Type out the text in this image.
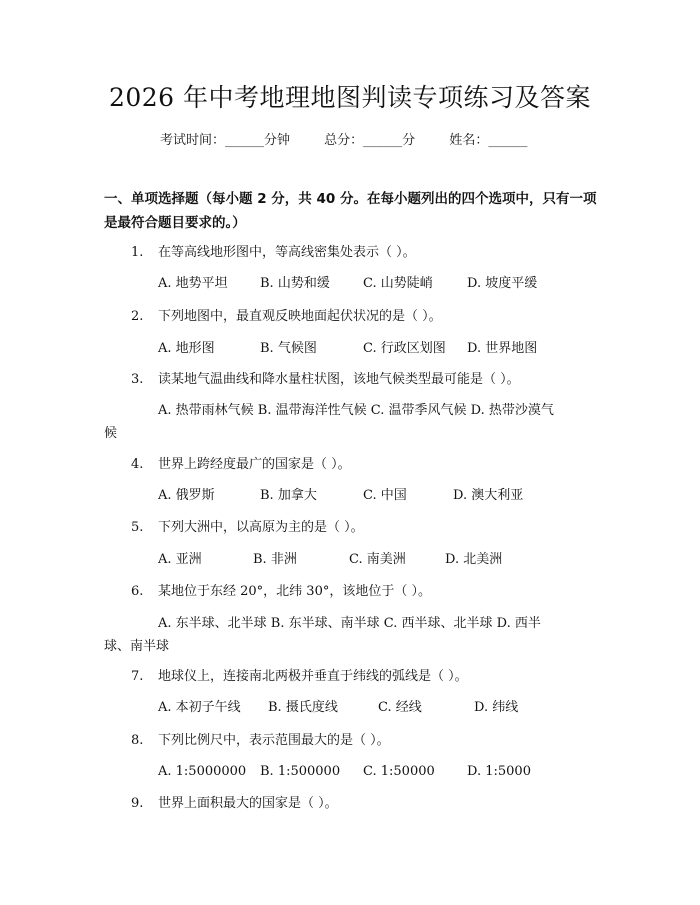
2026 年中考地理地图判读专项练习及答案
考试时间：______分钟	总分：______分	姓名：______
一、单项选择题（每小题 2 分，共 40 分。在每小题列出的四个选项中，只有一项
是最符合题目要求的。）
1. 在等高线地形图中，等高线密集处表示（ ）。
A. 地势平坦 B. 山势和缓	C. 山势陡峭	D. 坡度平缓
2. 下列地图中，最直观反映地面起伏状况的是（ ）。
A. 地形图	B. 气候图	C. 行政区划图 D. 世界地图
3. 读某地气温曲线和降水量柱状图，该地气候类型最可能是（ ）。
A. 热带雨林气候 B. 温带海洋性气候 C. 温带季风气候 D. 热带沙漠气
候
4. 世界上跨经度最广的国家是（ ）。
A. 俄罗斯	B. 加拿大	C. 中国	D. 澳大利亚
5. 下列大洲中，以高原为主的是（ ）。
A. 亚洲	B. 非洲	C. 南美洲	D. 北美洲
6. 某地位于东经 20°，北纬 30°，该地位于（ ）。
A. 东半球、北半球 B. 东半球、南半球 C. 西半球、北半球 D. 西半
球、南半球
7. 地球仪上，连接南北两极并垂直于纬线的弧线是（ ）。
A. 本初子午线 B. 摄氏度线	C. 经线	D. 纬线
8. 下列比例尺中，表示范围最大的是（ ）。
A. 1:5000000 B. 1:500000 C. 1:50000 D. 1:5000
9. 世界上面积最大的国家是（ ）。
